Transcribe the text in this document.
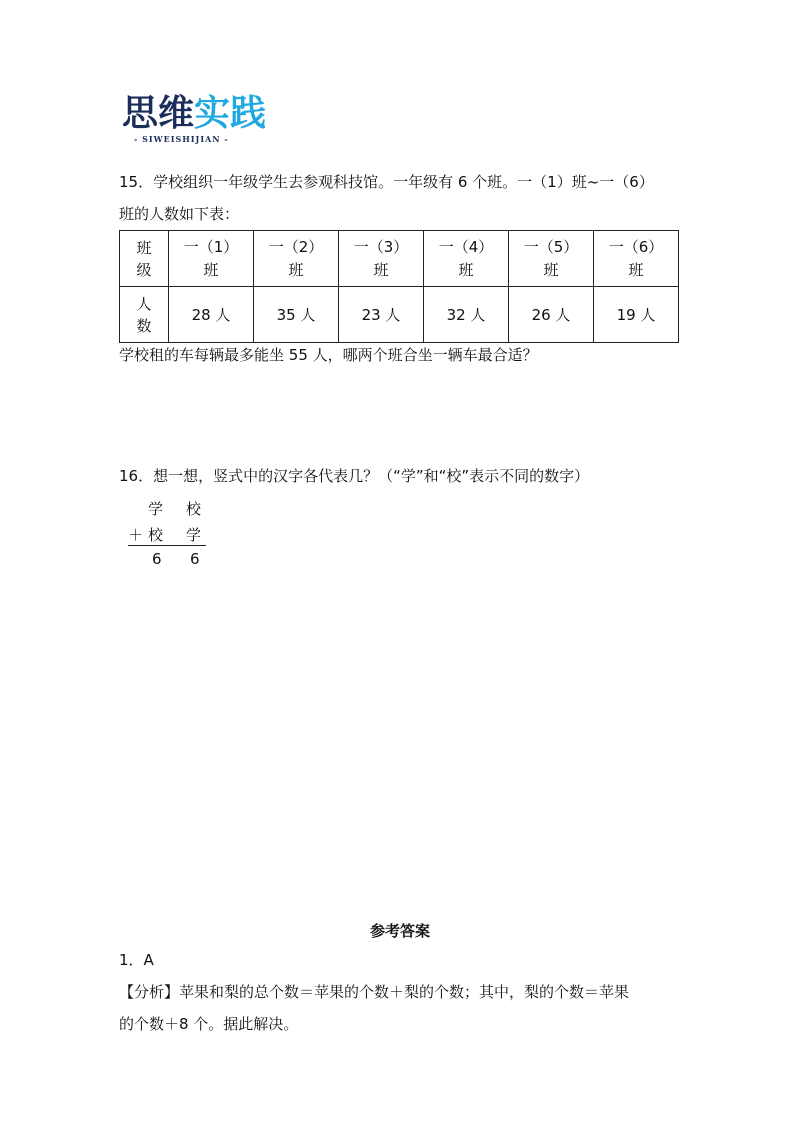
思维实践
- SIWEISHIJIAN -
15．学校组织一年级学生去参观科技馆。一年级有 6 个班。一（1）班~一（6）
班的人数如下表：
班级	一（1）班	一（2）班	一（3）班	一（4）班	一（5）班	一（6）班
人数	28 人	35 人	23 人	32 人	26 人	19 人
学校租的车每辆最多能坐 55 人，哪两个班合坐一辆车最合适？
16．想一想，竖式中的汉字各代表几？（“学”和“校”表示不同的数字）
学 校
＋ 校 学
6 6
参考答案
1．A
【分析】苹果和梨的总个数＝苹果的个数＋梨的个数；其中，梨的个数＝苹果
的个数＋8 个。据此解决。
